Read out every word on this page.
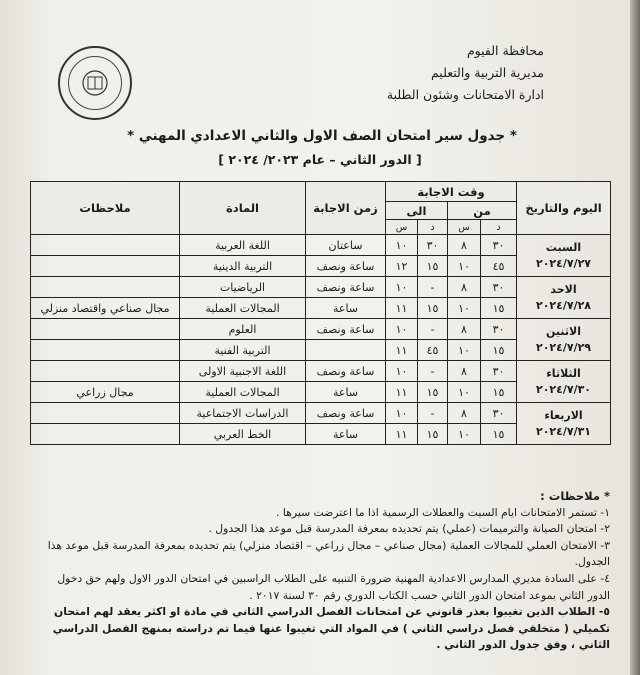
محافظة الفيوم
مديرية التربية والتعليم
ادارة الامتحانات وشئون الطلبة
* جدول سير امتحان الصف الاول والثاني الاعدادي المهني *
[ الدور الثاني – عام ٢٠٢٣/ ٢٠٢٤ ]
اليوم والتاريخ	وقت الاجابة				زمن الاجابة	المادة	ملاحظات
	من		الى				
	د	س	د	س			

السبت
٢٠٢٤/٧/٢٧	٣٠	٨	٣٠	١٠	ساعتان	اللغة العربية	
	٤٥	١٠	١٥	١٢	ساعة ونصف	التربية الدينية	

الاحد
٢٠٢٤/٧/٢٨	٣٠	٨	-	١٠	ساعة ونصف	الرياضيات	
	١٥	١٠	١٥	١١	ساعة	المجالات العملية	مجال صناعي واقتصاد منزلي

الاثنين
٢٠٢٤/٧/٢٩	٣٠	٨	-	١٠	ساعة ونصف	العلوم	
	١٥	١٠	٤٥	١١		التربية الفنية	

الثلاثاء
٢٠٢٤/٧/٣٠	٣٠	٨	-	١٠	ساعة ونصف	اللغة الاجنبية الاولى	
	١٥	١٠	١٥	١١	ساعة	المجالات العملية	مجال زراعي

الاربعاء
٢٠٢٤/٧/٣١	٣٠	٨	-	١٠	ساعة ونصف	الدراسات الاجتماعية	
	١٥	١٠	١٥	١١	ساعة	الخط العربي	

* ملاحظات :

١- تستمر الامتحانات ايام السبت والعطلات الرسمية اذا ما اعترضت سيرها .

٢- امتحان الصيانة والترميمات (عملي) يتم تحديده بمعرفة المدرسة قبل موعد هذا الجدول .

٣- الامتحان العملي للمجالات العملية (مجال صناعي – مجال زراعي – اقتصاد منزلي) يتم تحديده بمعرفة المدرسة قبل موعد هذا الجدول.

٤- على السادة مديري المدارس الاعدادية المهنية ضرورة التنبيه على الطلاب الراسبين في امتحان الدور الاول ولهم حق دخول الدور الثاني بموعد امتحان الدور الثاني حسب الكتاب الدوري رقم ٣٠ لسنة ٢٠١٧ .

٥- الطلاب الذين تغيبوا بعذر قانوني عن امتحانات الفصل الدراسي الثاني في مادة او اكثر يعقد لهم امتحان تكميلي ( متخلفي فصل دراسي الثاني ) في المواد التي تغيبوا عنها فيما تم دراسته بمنهج الفصل الدراسي الثاني ، وفق جدول الدور الثاني .
